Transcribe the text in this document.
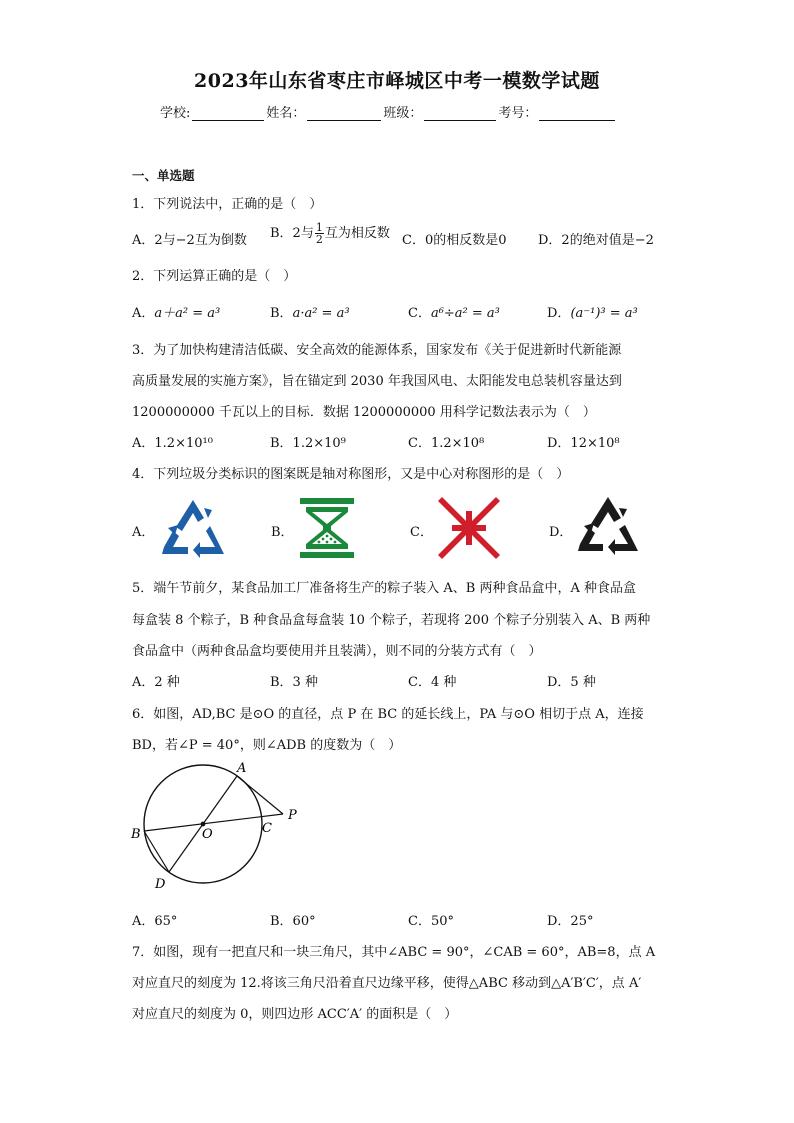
2023年山东省枣庄市峄城区中考一模数学试题
学校:	姓名：	班级：	考号：
一、单选题
1．下列说法中，正确的是（　）
A．2与−2互为倒数 B．2与 $\frac{1}{2}$ 互为相反数 C．0的相反数是0 D．2的绝对值是−2
2．下列运算正确的是（　）
A．a＋a² = a³	B．a·a² = a³	C．a⁶÷a² = a³	D．(a⁻¹)³ = a³
3．为了加快构建清洁低碳、安全高效的能源体系，国家发布《关于促进新时代新能源
高质量发展的实施方案》，旨在锚定到 2030 年我国风电、太阳能发电总装机容量达到
1200000000 千瓦以上的目标．数据 1200000000 用科学记数法表示为（　）
A．1.2×10¹⁰	B．1.2×10⁹	C．1.2×10⁸	D．12×10⁸
4．下列垃圾分类标识的图案既是轴对称图形，又是中心对称图形的是（　）
A．	B．	C．	D．
5．端午节前夕，某食品加工厂准备将生产的粽子装入 A、B 两种食品盒中，A 种食品盒
每盒装 8 个粽子，B 种食品盒每盒装 10 个粽子，若现将 200 个粽子分别装入 A、B 两种
食品盒中（两种食品盒均要使用并且装满），则不同的分装方式有（　）
A．2 种	B．3 种	C．4 种	D．5 种
6．如图，AD,BC 是⊙O 的直径，点 P 在 BC 的延长线上，PA 与⊙O 相切于点 A，连接
BD，若∠P = 40°，则∠ADB 的度数为（　）
A
B	O	C
P
D
A．65°	B．60°	C．50°	D．25°
7．如图，现有一把直尺和一块三角尺，其中∠ABC = 90°，∠CAB = 60°，AB=8，点 A
对应直尺的刻度为 12.将该三角尺沿着直尺边缘平移，使得△ABC 移动到△A′B′C′，点 A′
对应直尺的刻度为 0，则四边形 ACC′A′ 的面积是（　）
